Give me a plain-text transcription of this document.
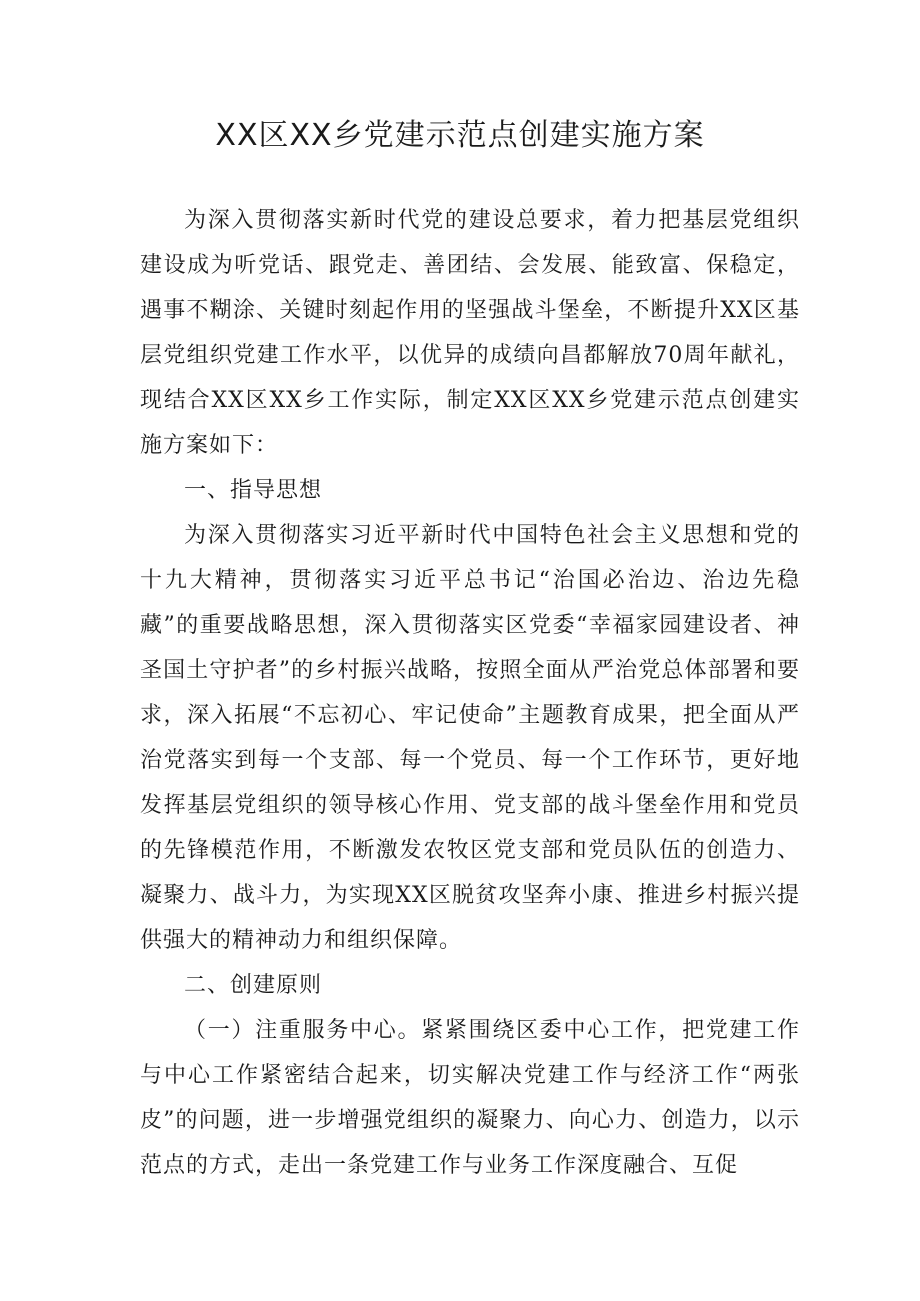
XX区XX乡党建示范点创建实施方案

为深入贯彻落实新时代党的建设总要求，着力把基层党组织建设成为听党话、跟党走、善团结、会发展、能致富、保稳定，遇事不糊涂、关键时刻起作用的坚强战斗堡垒，不断提升XX区基层党组织党建工作水平，以优异的成绩向昌都解放70周年献礼，现结合XX区XX乡工作实际，制定XX区XX乡党建示范点创建实施方案如下：

一、指导思想

为深入贯彻落实习近平新时代中国特色社会主义思想和党的十九大精神，贯彻落实习近平总书记“治国必治边、治边先稳藏”的重要战略思想，深入贯彻落实区党委“幸福家园建设者、神圣国土守护者”的乡村振兴战略，按照全面从严治党总体部署和要求，深入拓展“不忘初心、牢记使命”主题教育成果，把全面从严治党落实到每一个支部、每一个党员、每一个工作环节，更好地发挥基层党组织的领导核心作用、党支部的战斗堡垒作用和党员的先锋模范作用，不断激发农牧区党支部和党员队伍的创造力、凝聚力、战斗力，为实现XX区脱贫攻坚奔小康、推进乡村振兴提供强大的精神动力和组织保障。

二、创建原则

（一）注重服务中心。紧紧围绕区委中心工作，把党建工作与中心工作紧密结合起来，切实解决党建工作与经济工作“两张皮”的问题，进一步增强党组织的凝聚力、向心力、创造力，以示范点的方式，走出一条党建工作与业务工作深度融合、互促
